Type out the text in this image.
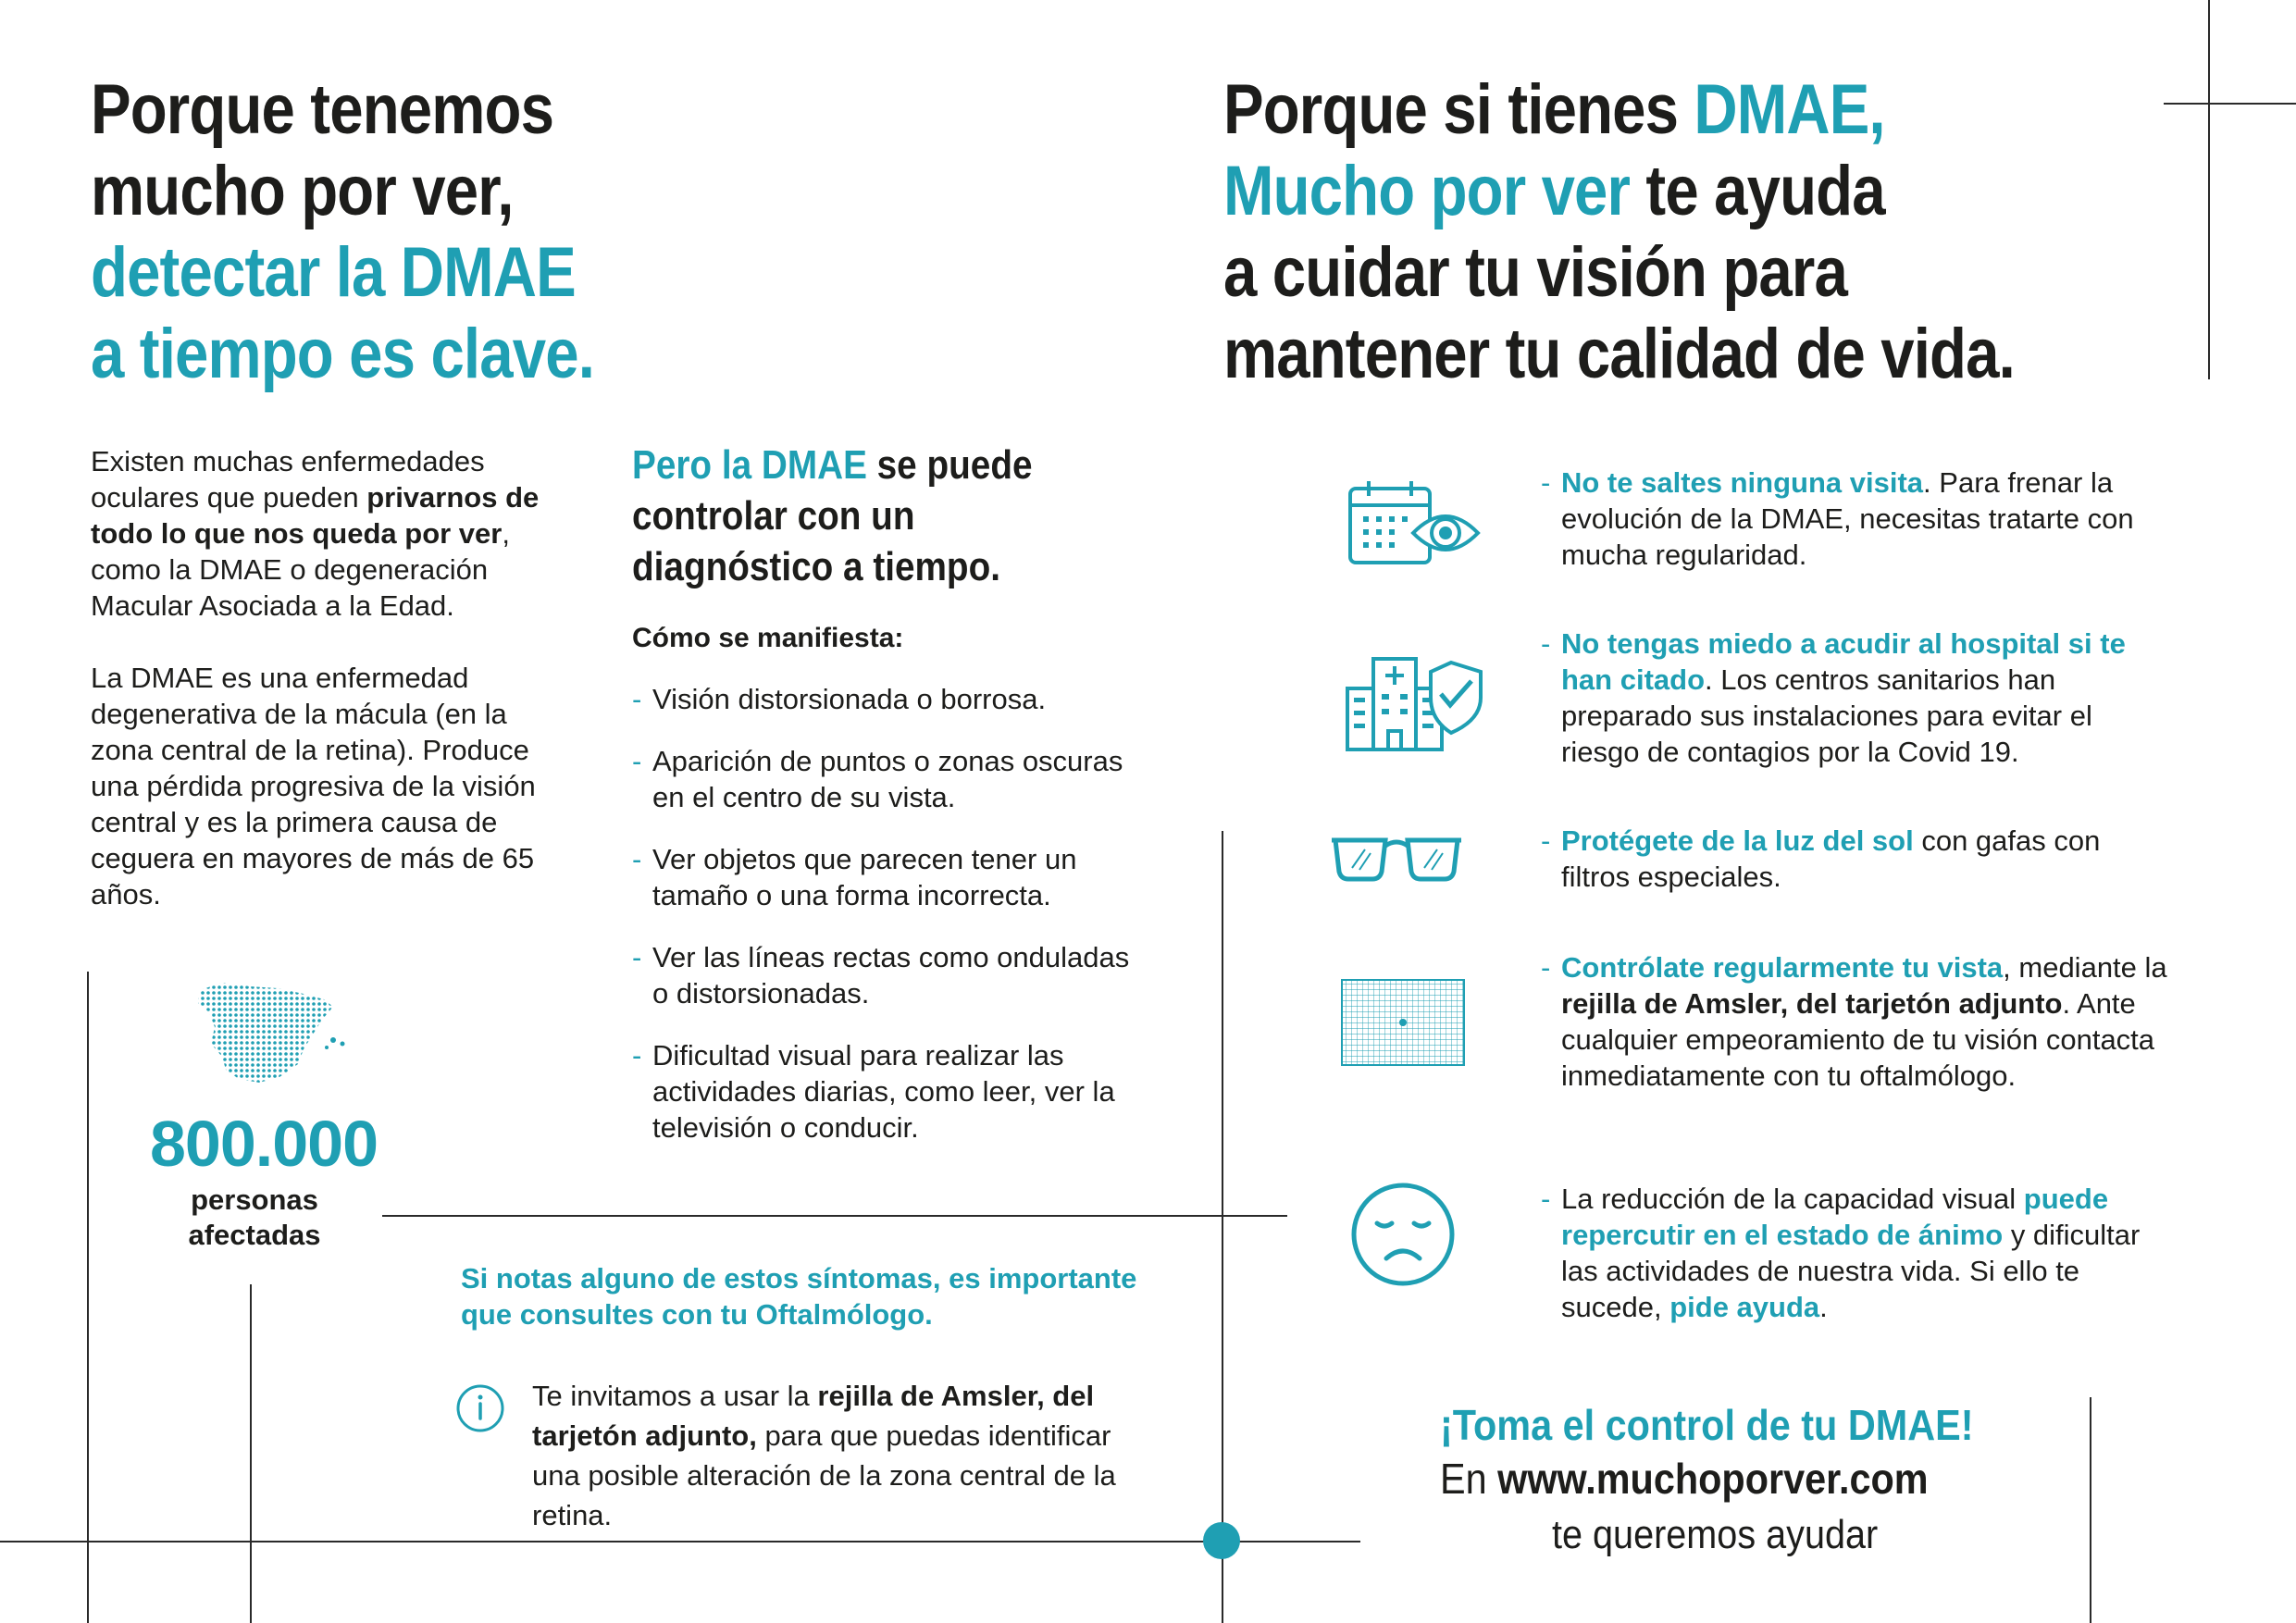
Porque tenemos
mucho por ver,
detectar la DMAE
a tiempo es clave.
Porque si tienes DMAE,
Mucho por ver te ayuda
a cuidar tu visión para
mantener tu calidad de vida.

Existen muchas enfermedades oculares que pueden privarnos de todo lo que nos queda por ver, como la DMAE o degeneración Macular Asociada a la Edad.

La DMAE es una enfermedad degenerativa de la mácula (en la zona central de la retina). Produce una pérdida progresiva de la visión central y es la primera causa de ceguera en mayores de más de 65 años.

800.000
personas
afectadas
Pero la DMAE se puede controlar con un diagnóstico a tiempo.
Cómo se manifiesta:
- Visión distorsionada o borrosa.
- Aparición de puntos o zonas oscuras en el centro de su vista.
- Ver objetos que parecen tener un tamaño o una forma incorrecta.
- Ver las líneas rectas como onduladas o distorsionadas.
- Dificultad visual para realizar las actividades diarias, como leer, ver la televisión o conducir.
Si notas alguno de estos síntomas, es importante que consultes con tu Oftalmólogo.
Te invitamos a usar la rejilla de Amsler, del tarjetón adjunto, para que puedas identificar una posible alteración de la zona central de la retina.
- No te saltes ninguna visita. Para frenar la evolución de la DMAE, necesitas tratarte con mucha regularidad.
- No tengas miedo a acudir al hospital si te han citado. Los centros sanitarios han preparado sus instalaciones para evitar el riesgo de contagios por la Covid 19.
- Protégete de la luz del sol con gafas con filtros especiales.
- Contrólate regularmente tu vista, mediante la rejilla de Amsler, del tarjetón adjunto. Ante cualquier empeoramiento de tu visión contacta inmediatamente con tu oftalmólogo.
- La reducción de la capacidad visual puede repercutir en el estado de ánimo y dificultar las actividades de nuestra vida. Si ello te sucede, pide ayuda.
¡Toma el control de tu DMAE!
En www.muchoporver.com
te queremos ayudar
